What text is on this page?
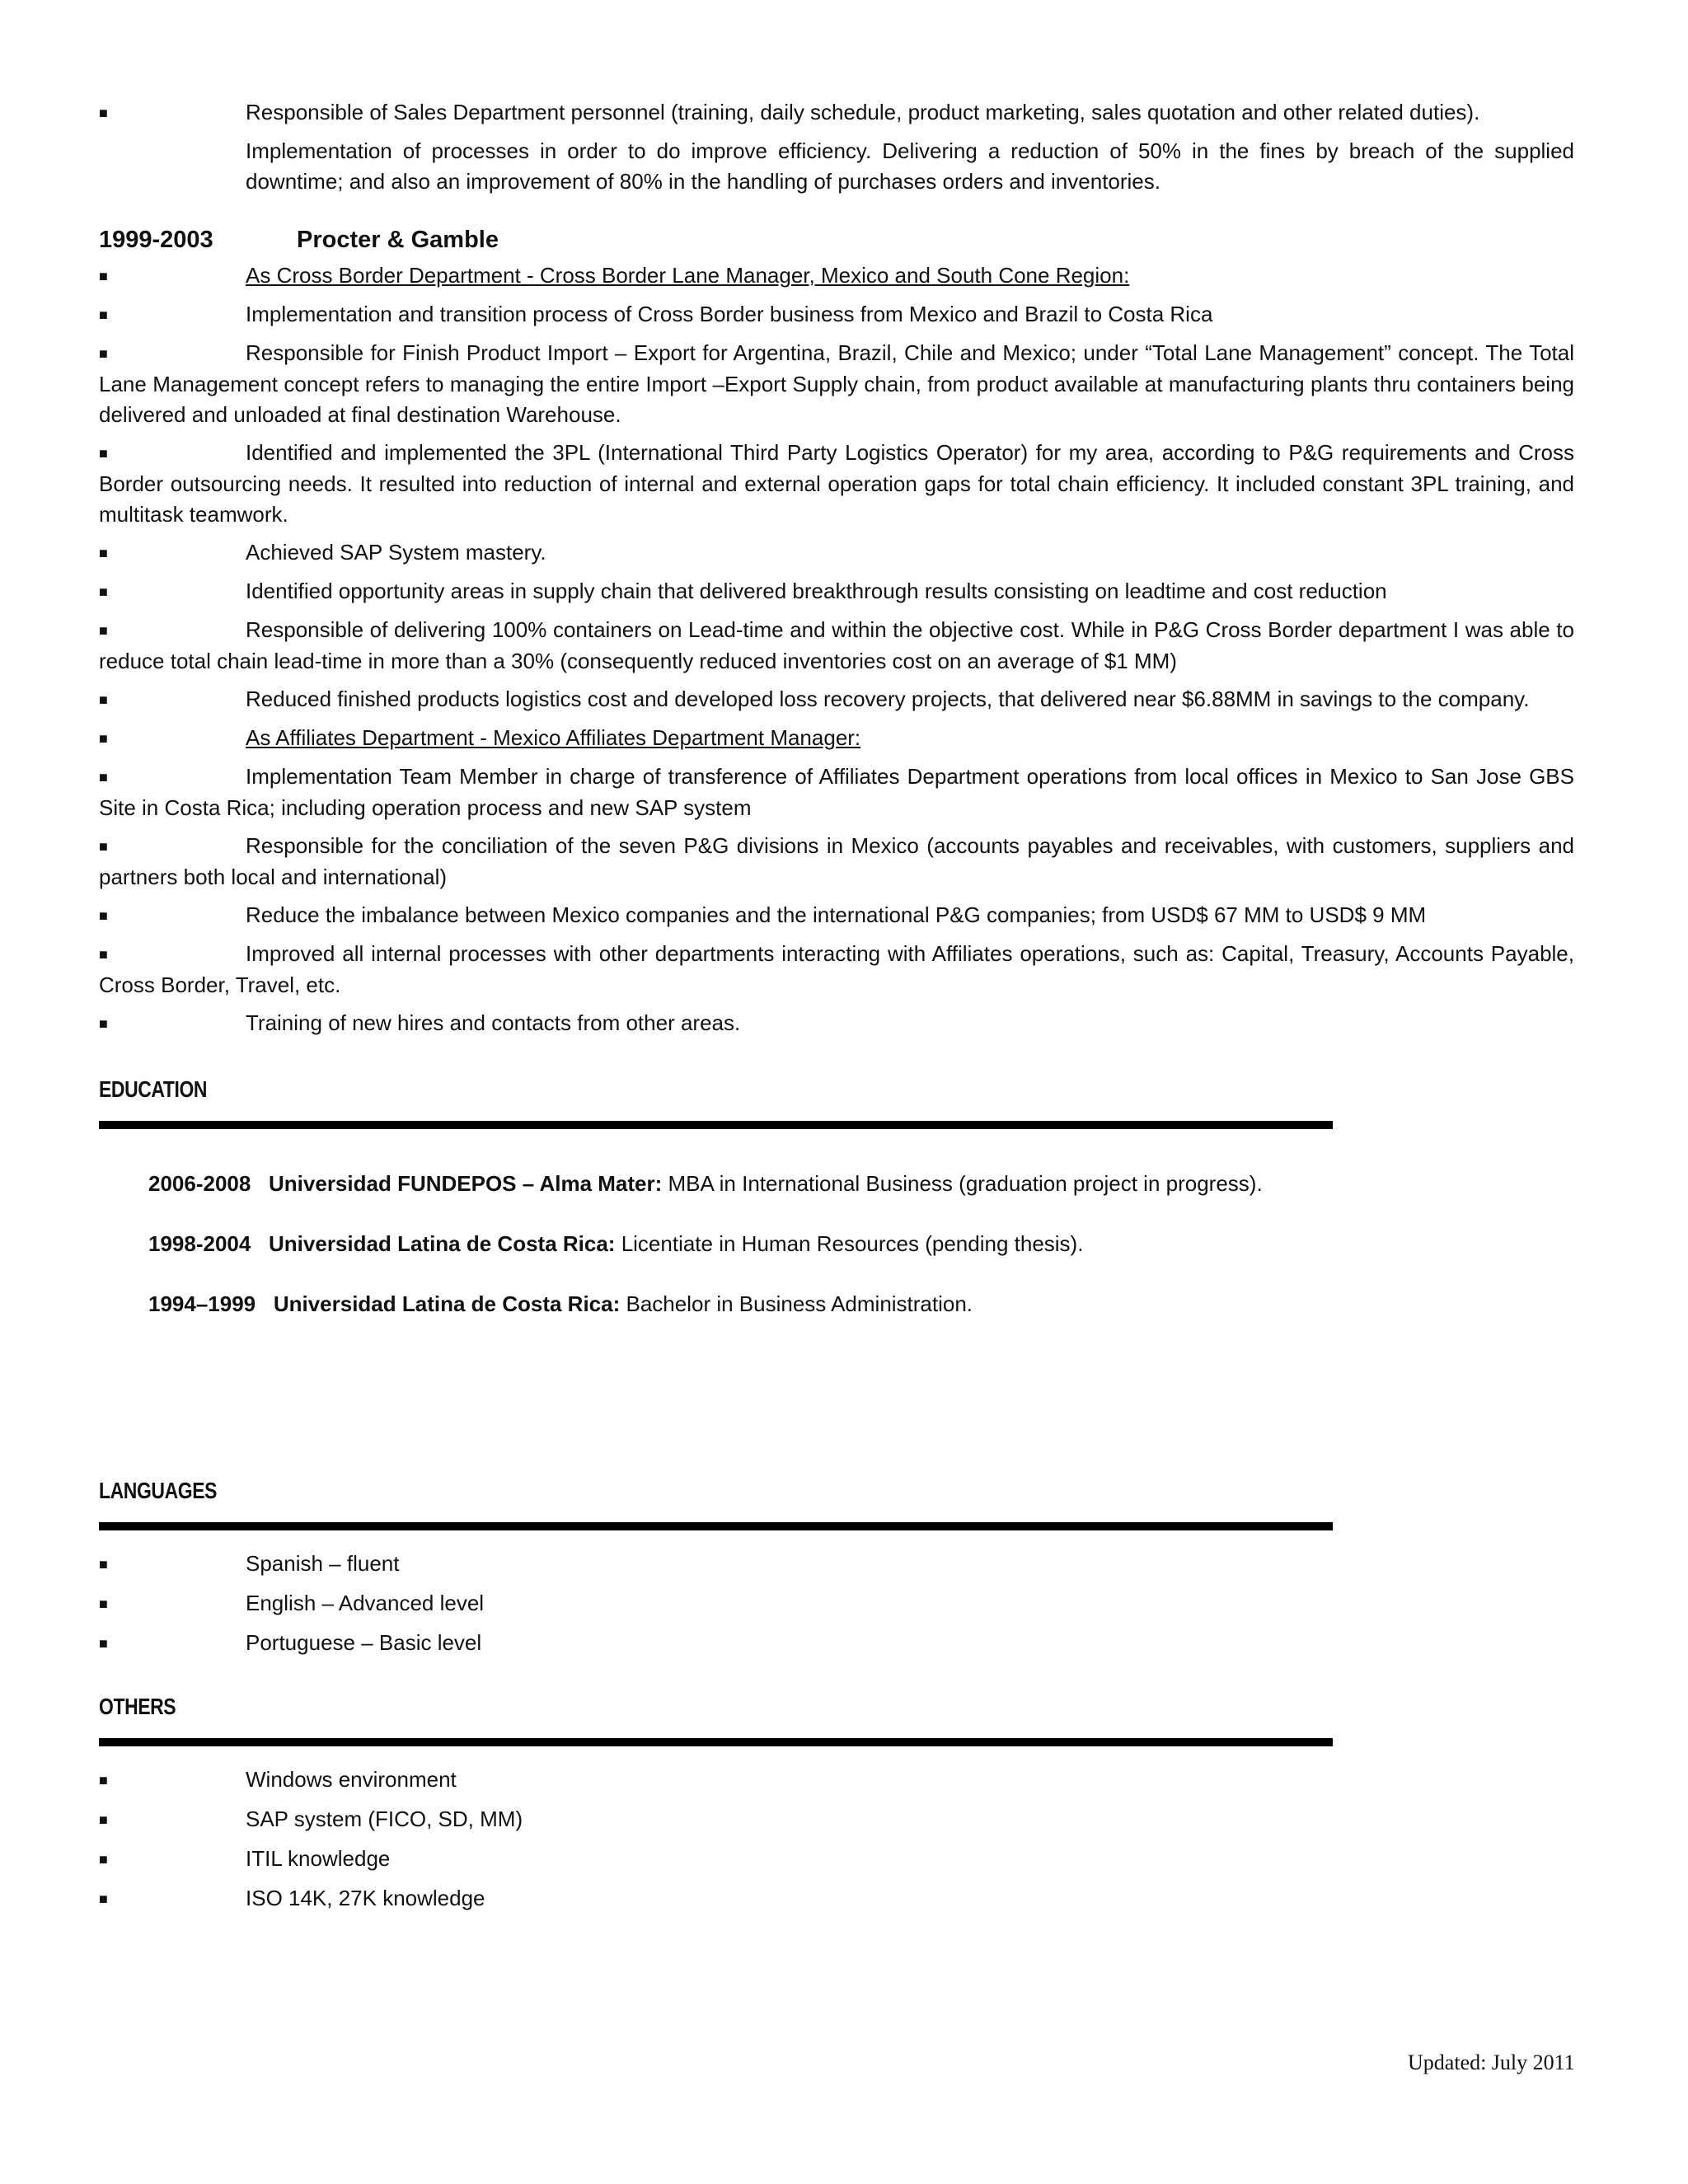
■	Responsible of Sales Department personnel (training, daily schedule, product marketing, sales quotation and other related duties).

Implementation of processes in order to do improve efficiency. Delivering a reduction of 50% in the fines by breach of the supplied downtime; and also an improvement of 80% in the handling of purchases orders and inventories.

1999-2003	Procter & Gamble

■	As Cross Border Department - Cross Border Lane Manager, Mexico and South Cone Region:

■	Implementation and transition process of Cross Border business from Mexico and Brazil to Costa Rica

■	Responsible for Finish Product Import – Export for Argentina, Brazil, Chile and Mexico; under “Total Lane Management” concept. The Total Lane Management concept refers to managing the entire Import –Export Supply chain, from product available at manufacturing plants thru containers being delivered and unloaded at final destination Warehouse.

■	Identified and implemented the 3PL (International Third Party Logistics Operator) for my area, according to P&G requirements and Cross Border outsourcing needs. It resulted into reduction of internal and external operation gaps for total chain efficiency. It included constant 3PL training, and multitask teamwork.

■	Achieved SAP System mastery.

■	Identified opportunity areas in supply chain that delivered breakthrough results consisting on leadtime and cost reduction

■	Responsible of delivering 100% containers on Lead-time and within the objective cost. While in P&G Cross Border department I was able to reduce total chain lead-time in more than a 30% (consequently reduced inventories cost on an average of $1 MM)

■	Reduced finished products logistics cost and developed loss recovery projects, that delivered near $6.88MM in savings to the company.

■	As Affiliates Department - Mexico Affiliates Department Manager:

■	Implementation Team Member in charge of transference of Affiliates Department operations from local offices in Mexico to San Jose GBS Site in Costa Rica; including operation process and new SAP system

■	Responsible for the conciliation of the seven P&G divisions in Mexico (accounts payables and receivables, with customers, suppliers and partners both local and international)

■	Reduce the imbalance between Mexico companies and the international P&G companies; from USD$ 67 MM to USD$ 9 MM

■	Improved all internal processes with other departments interacting with Affiliates operations, such as: Capital, Treasury, Accounts Payable, Cross Border, Travel, etc.

■	Training of new hires and contacts from other areas.

EDUCATION

2006-2008 Universidad FUNDEPOS – Alma Mater: MBA in International Business (graduation project in progress).

1998-2004 Universidad Latina de Costa Rica: Licentiate in Human Resources (pending thesis).

1994–1999 Universidad Latina de Costa Rica: Bachelor in Business Administration.

LANGUAGES

■	Spanish – fluent

■	English – Advanced level

■	Portuguese – Basic level

OTHERS

■	Windows environment

■	SAP system (FICO, SD, MM)

■	ITIL knowledge

■	ISO 14K, 27K knowledge

Updated: July 2011
